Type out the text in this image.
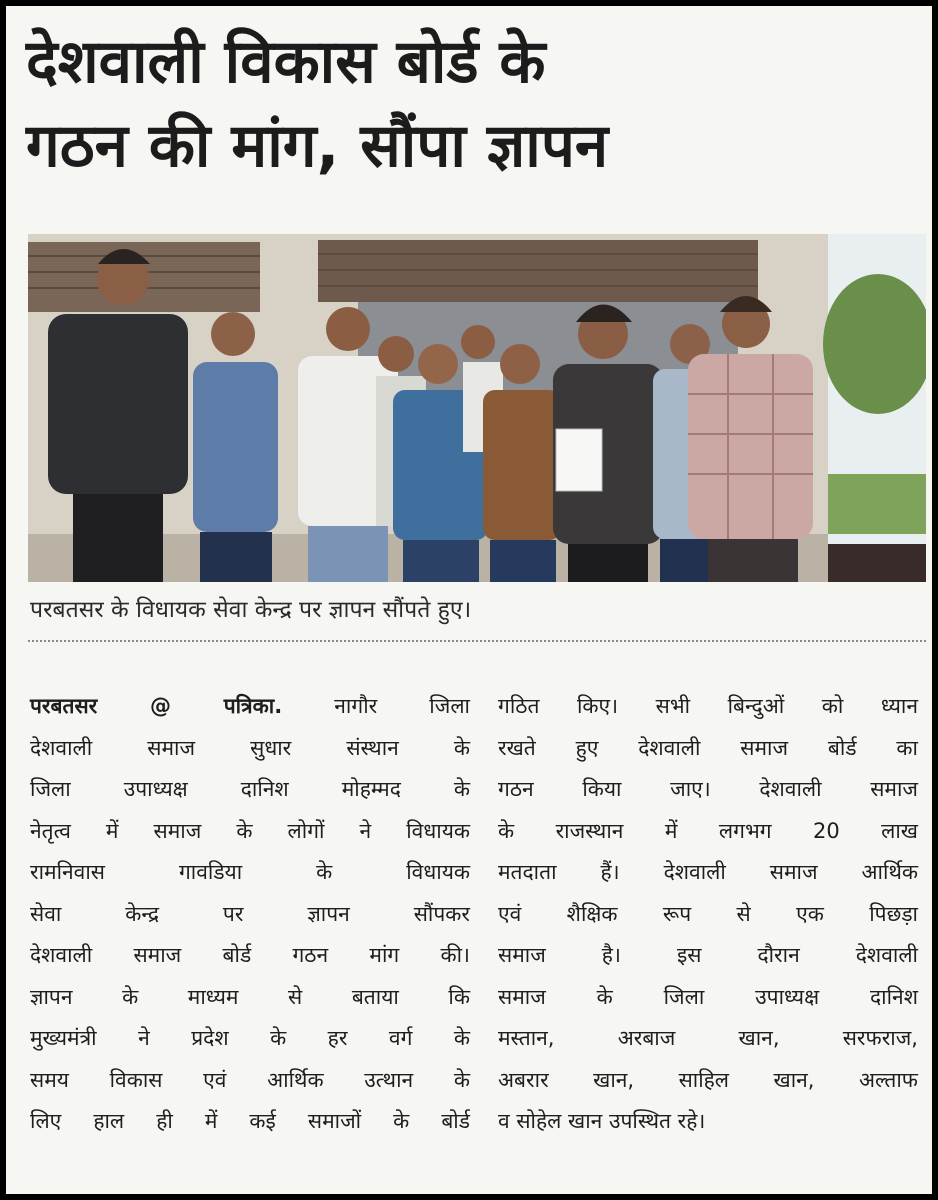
देशवाली विकास बोर्ड के
गठन की मांग, सौंपा ज्ञापन
परबतसर के विधायक सेवा केन्द्र पर ज्ञापन सौंपते हुए।
परबतसर @ पत्रिका. नागौर जिला
देशवाली समाज सुधार संस्थान के
जिला उपाध्यक्ष दानिश मोहम्मद के
नेतृत्व में समाज के लोगों ने विधायक
रामनिवास गावडिया के विधायक
सेवा केन्द्र पर ज्ञापन सौंपकर
देशवाली समाज बोर्ड गठन मांग की।
ज्ञापन के माध्यम से बताया कि
मुख्यमंत्री ने प्रदेश के हर वर्ग के
समय विकास एवं आर्थिक उत्थान के
लिए हाल ही में कई समाजों के बोर्ड
गठित किए। सभी बिन्दुओं को ध्यान
रखते हुए देशवाली समाज बोर्ड का
गठन किया जाए। देशवाली समाज
के राजस्थान में लगभग 20 लाख
मतदाता हैं। देशवाली समाज आर्थिक
एवं शैक्षिक रूप से एक पिछड़ा
समाज है। इस दौरान देशवाली
समाज के जिला उपाध्यक्ष दानिश
मस्तान, अरबाज खान, सरफराज,
अबरार खान, साहिल खान, अल्ताफ
व सोहेल खान उपस्थित रहे।
